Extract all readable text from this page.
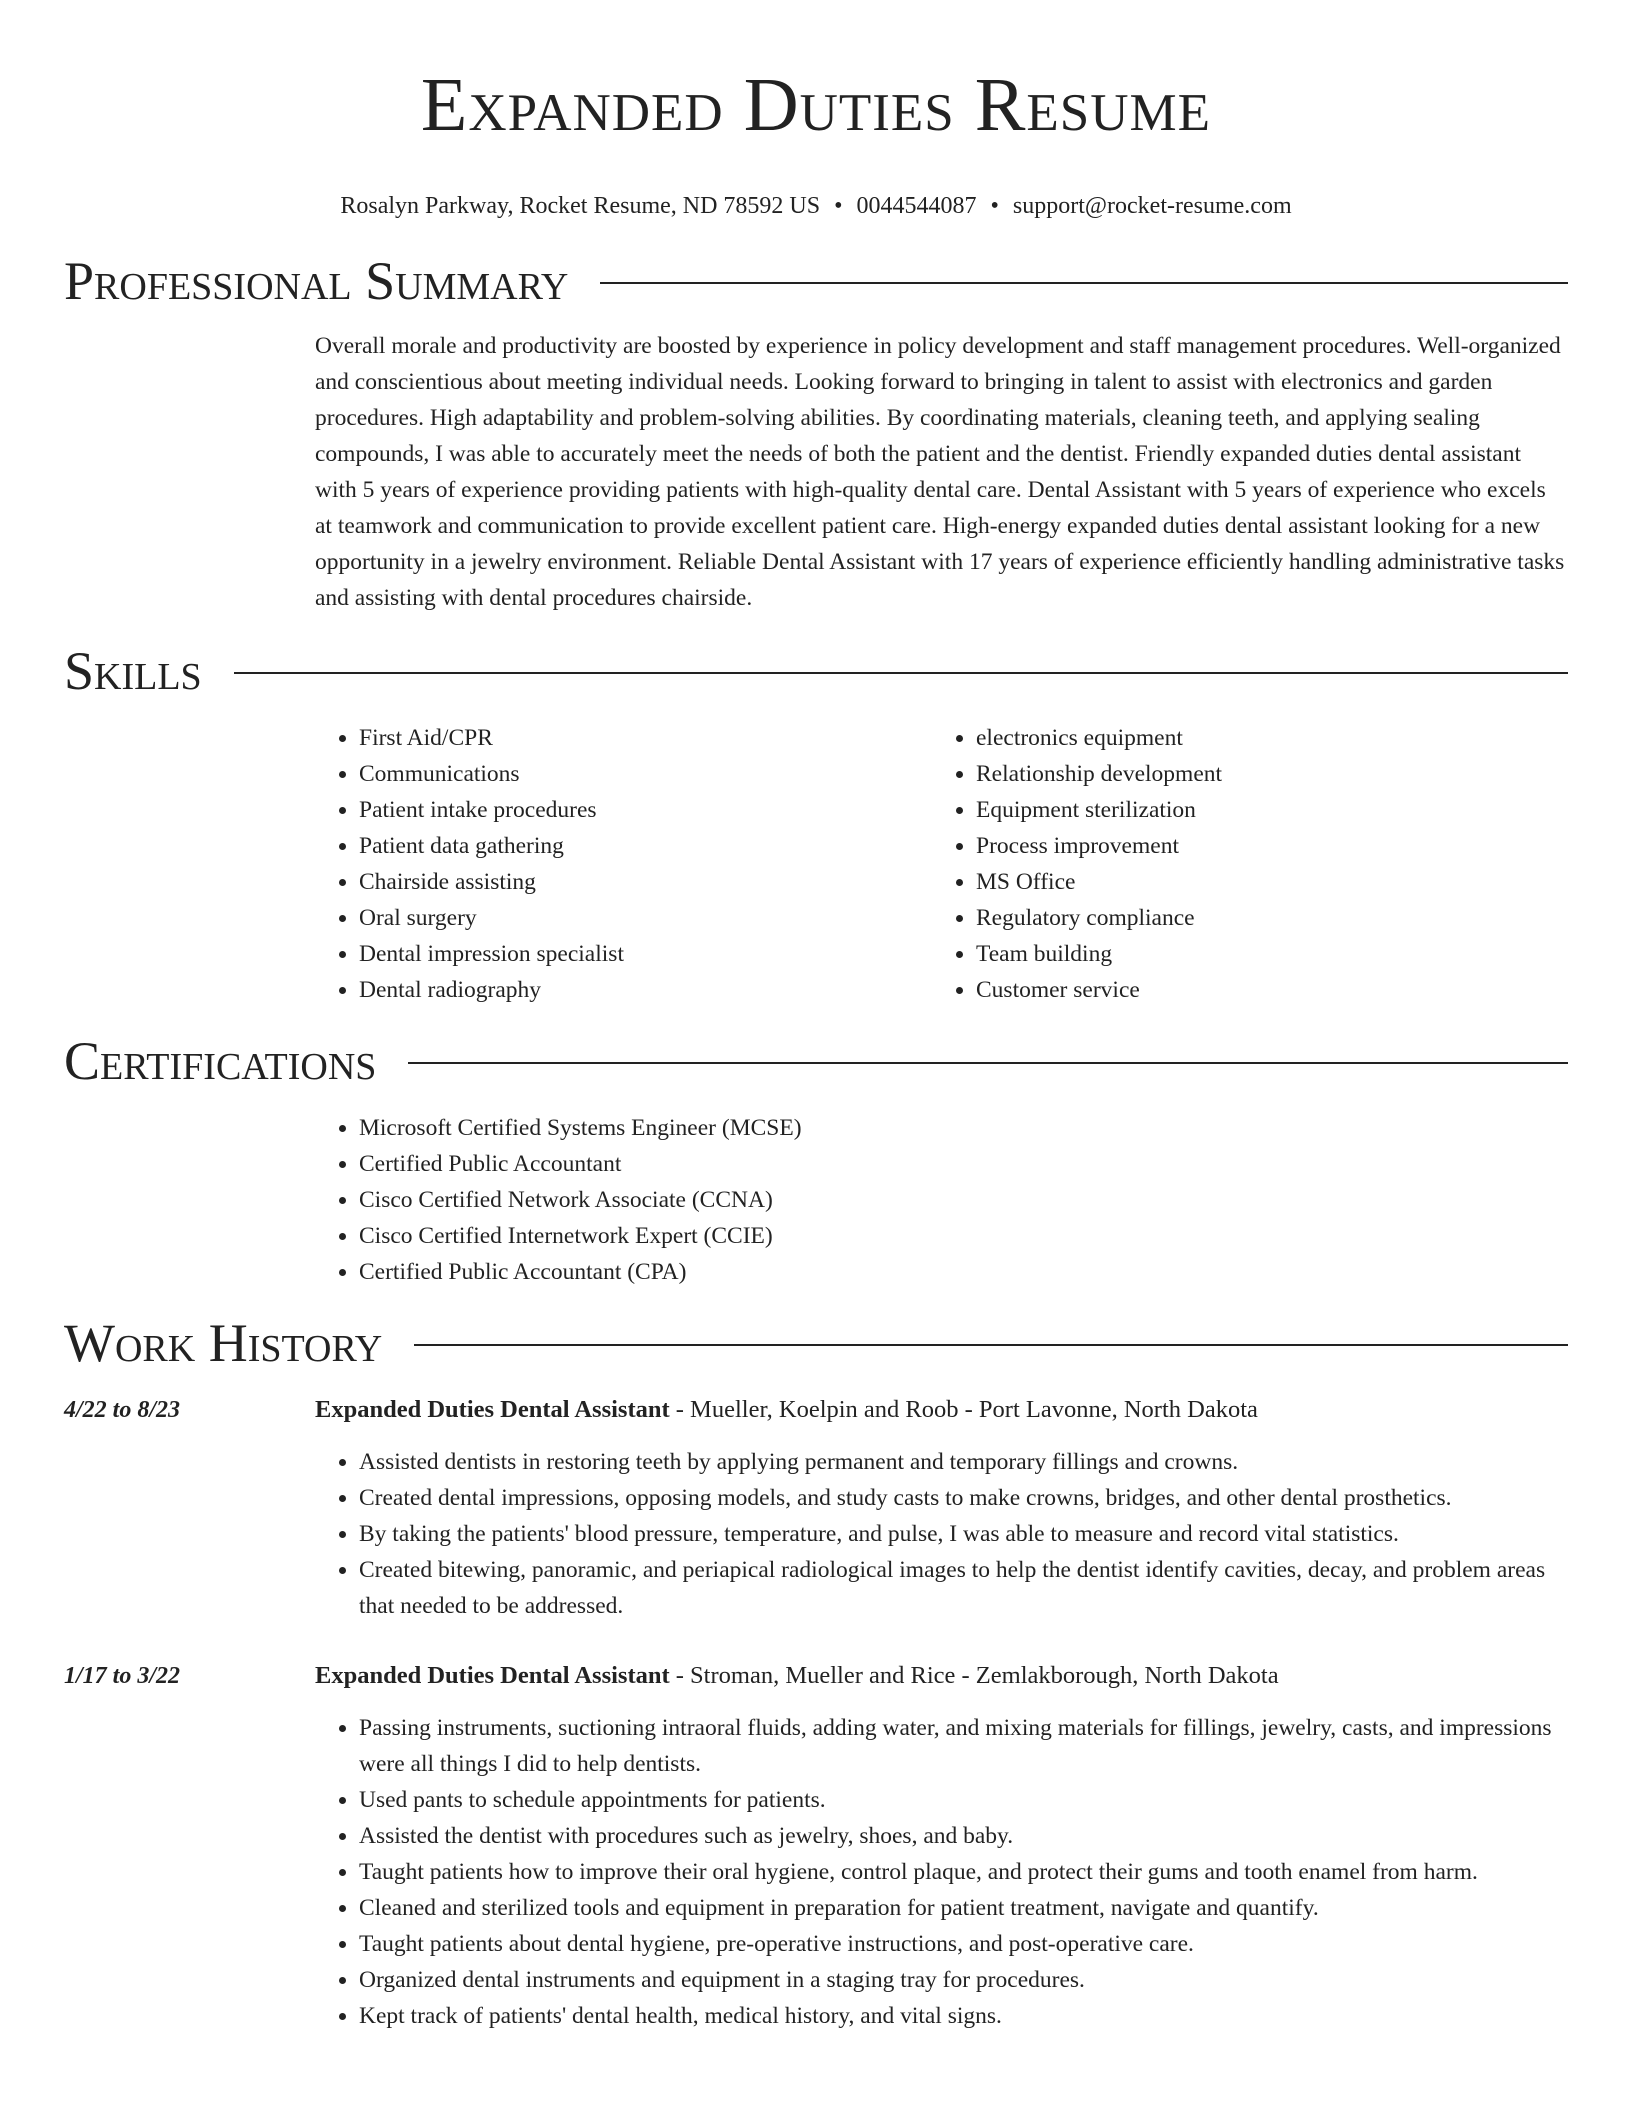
Expanded Duties Resume
Rosalyn Parkway, Rocket Resume, ND 78592 US • 0044544087 • support@rocket-resume.com
Professional Summary

Overall morale and productivity are boosted by experience in policy development and staff management procedures. Well-organized and conscientious about meeting individual needs. Looking forward to bringing in talent to assist with electronics and garden procedures. High adaptability and problem-solving abilities. By coordinating materials, cleaning teeth, and applying sealing compounds, I was able to accurately meet the needs of both the patient and the dentist. Friendly expanded duties dental assistant with 5 years of experience providing patients with high-quality dental care. Dental Assistant with 5 years of experience who excels at teamwork and communication to provide excellent patient care. High-energy expanded duties dental assistant looking for a new opportunity in a jewelry environment. Reliable Dental Assistant with 17 years of experience efficiently handling administrative tasks and assisting with dental procedures chairside.

Skills
• First Aid/CPR
• Communications
• Patient intake procedures
• Patient data gathering
• Chairside assisting
• Oral surgery
• Dental impression specialist
• Dental radiography
• electronics equipment
• Relationship development
• Equipment sterilization
• Process improvement
• MS Office
• Regulatory compliance
• Team building
• Customer service
Certifications
• Microsoft Certified Systems Engineer (MCSE)
• Certified Public Accountant
• Cisco Certified Network Associate (CCNA)
• Cisco Certified Internetwork Expert (CCIE)
• Certified Public Accountant (CPA)
Work History
4/22 to 8/23	Expanded Duties Dental Assistant - Mueller, Koelpin and Roob - Port Lavonne, North Dakota
• Assisted dentists in restoring teeth by applying permanent and temporary fillings and crowns.
• Created dental impressions, opposing models, and study casts to make crowns, bridges, and other dental prosthetics.
• By taking the patients' blood pressure, temperature, and pulse, I was able to measure and record vital statistics.
• Created bitewing, panoramic, and periapical radiological images to help the dentist identify cavities, decay, and problem areas that needed to be addressed.
1/17 to 3/22	Expanded Duties Dental Assistant - Stroman, Mueller and Rice - Zemlakborough, North Dakota
• Passing instruments, suctioning intraoral fluids, adding water, and mixing materials for fillings, jewelry, casts, and impressions were all things I did to help dentists.
• Used pants to schedule appointments for patients.
• Assisted the dentist with procedures such as jewelry, shoes, and baby.
• Taught patients how to improve their oral hygiene, control plaque, and protect their gums and tooth enamel from harm.
• Cleaned and sterilized tools and equipment in preparation for patient treatment, navigate and quantify.
• Taught patients about dental hygiene, pre-operative instructions, and post-operative care.
• Organized dental instruments and equipment in a staging tray for procedures.
• Kept track of patients' dental health, medical history, and vital signs.
